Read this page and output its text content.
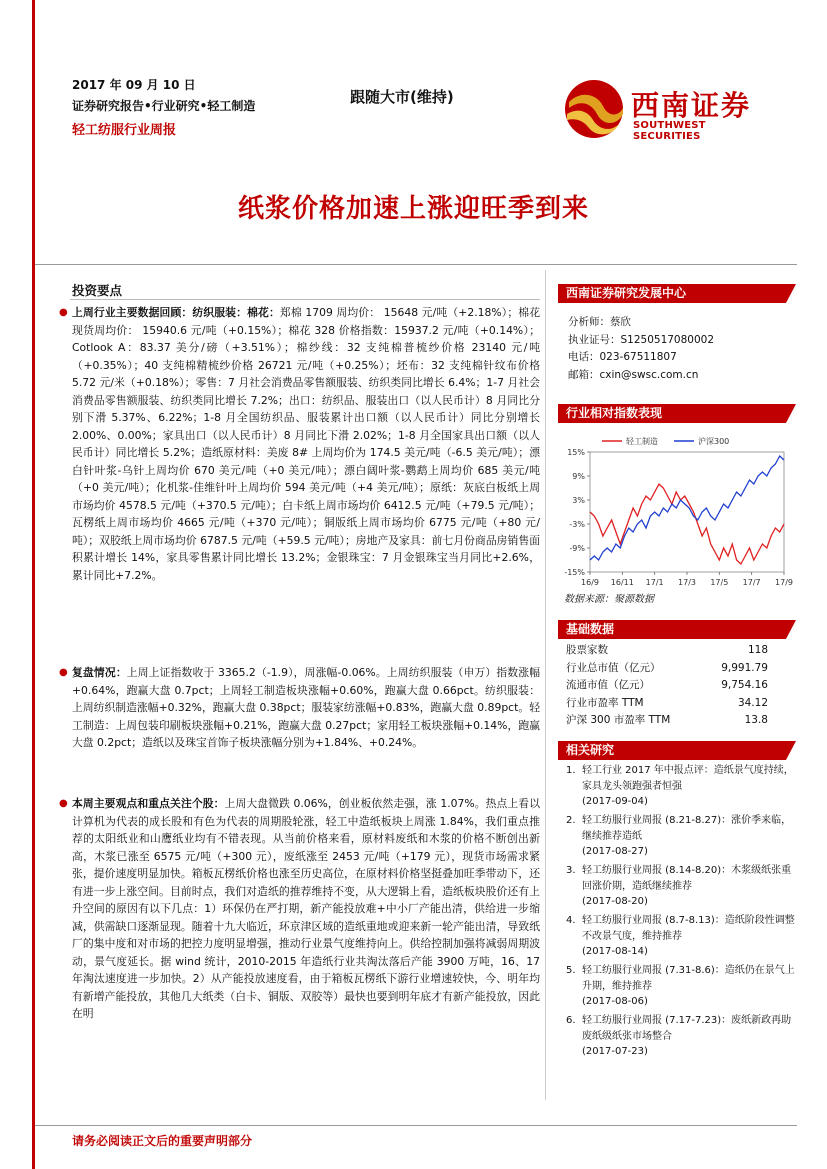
2017 年 09 月 10 日
证券研究报告•行业研究•轻工制造
轻工纺服行业周报
跟随大市(维持)	西南证券
SOUTHWEST SECURITIES
纸浆价格加速上涨迎旺季到来
投资要点
● 上周行业主要数据回顾：纺织服装：棉花：郑棉 1709 周均价： 15648 元/吨（+2.18%）；棉花现货周均价： 15940.6 元/吨（+0.15%）；棉花 328 价格指数：15937.2 元/吨（+0.14%）；Cotlook A：83.37 美分/磅（+3.51%）；棉纱线：32 支纯棉普梳纱价格 23140 元/吨（+0.35%）；40 支纯棉精梳纱价格 26721 元/吨（+0.25%）；坯布：32 支纯棉针纹布价格 5.72 元/米（+0.18%）；零售：7 月社会消费品零售额服装、纺织类同比增长 6.4%；1-7 月社会消费品零售额服装、纺织类同比增长 7.2%；出口：纺织品、服装出口（以人民币计）8 月同比分别下滑 5.37%、6.22%；1-8 月全国纺织品、服装累计出口额（以人民币计）同比分别增长 2.00%、0.00%；家具出口（以人民币计）8 月同比下滑 2.02%；1-8 月全国家具出口额（以人民币计）同比增长 5.2%；造纸原材料：美废 8# 上周均价为 174.5 美元/吨（-6.5 美元/吨）；漂白针叶浆-乌针上周均价 670 美元/吨（+0 美元/吨）；漂白阔叶浆-鹦鹉上周均价 685 美元/吨（+0 美元/吨）；化机浆-佳维针叶上周均价 594 美元/吨（+4 美元/吨）；原纸：灰底白板纸上周市场均价 4578.5 元/吨（+370.5 元/吨）；白卡纸上周市场均价 6412.5 元/吨（+79.5 元/吨）；瓦楞纸上周市场均价 4665 元/吨（+370 元/吨）；铜版纸上周市场均价 6775 元/吨（+80 元/吨）；双胶纸上周市场均价 6787.5 元/吨（+59.5 元/吨）；房地产及家具：前七月份商品房销售面积累计增长 14%，家具零售累计同比增长 13.2%；金银珠宝：7 月金银珠宝当月同比+2.6%，累计同比+7.2%。
● 复盘情况：上周上证指数收于 3365.2（-1.9），周涨幅-0.06%。上周纺织服装（申万）指数涨幅+0.64%，跑赢大盘 0.7pct；上周轻工制造板块涨幅+0.60%，跑赢大盘 0.66pct。纺织服装：上周纺织制造涨幅+0.32%，跑赢大盘 0.38pct；服装家纺涨幅+0.83%，跑赢大盘 0.89pct。轻工制造：上周包装印刷板块涨幅+0.21%，跑赢大盘 0.27pct；家用轻工板块涨幅+0.14%，跑赢大盘 0.2pct；造纸以及珠宝首饰子板块涨幅分别为+1.84%、+0.24%。
● 本周主要观点和重点关注个股：上周大盘微跌 0.06%，创业板依然走强，涨 1.07%。热点上看以计算机为代表的成长股和有色为代表的周期股轮涨，轻工中造纸板块上周涨 1.84%，我们重点推荐的太阳纸业和山鹰纸业均有不错表现。从当前价格来看，原材料废纸和木浆的价格不断创出新高，木浆已涨至 6575 元/吨（+300 元），废纸涨至 2453 元/吨（+179 元），现货市场需求紧张，提价速度明显加快。箱板瓦楞纸价格也涨至历史高位，在原材料价格坚挺叠加旺季带动下，还有进一步上涨空间。目前时点，我们对造纸的推荐维持不变，从大逻辑上看，造纸板块股价还有上升空间的原因有以下几点：1）环保仍在严打期，新产能投放难+中小厂产能出清，供给进一步缩减，供需缺口逐渐显现。随着十九大临近，环京津区域的造纸重地或迎来新一轮产能出清，导致纸厂的集中度和对市场的把控力度明显增强，推动行业景气度维持向上。供给控制加强将减弱周期波动，景气度延长。据 wind 统计，2010-2015 年造纸行业共淘汰落后产能 3900 万吨，16、17 年淘汰速度进一步加快。2）从产能投放速度看，由于箱板瓦楞纸下游行业增速较快，今、明年均有新增产能投放，其他几大纸类（白卡、铜版、双胶等）最快也要到明年底才有新产能投放，因此在明
西南证券研究发展中心
分析师：蔡欣
执业证号：S1250517080002
电话：023-67511807
邮箱：cxin@swsc.com.cn
行业相对指数表现
15%
9%
3%
-3%
-9%
-15%
16/9 16/11 17/1 17/3 17/5 17/7 17/9
轻工制造	沪深300
数据来源：聚源数据
基础数据
股票家数	118
行业总市值（亿元）	9,991.79
流通市值（亿元）	9,754.16
行业市盈率 TTM	34.12
沪深 300 市盈率 TTM	13.8
相关研究
1. 轻工行业 2017 年中报点评：造纸景气度持续，家具龙头领跑强者恒强
(2017-09-04)
2. 轻工纺服行业周报 (8.21-8.27)：涨价季来临，继续推荐造纸
(2017-08-27)
3. 轻工纺服行业周报 (8.14-8.20)：木浆级纸张重回涨价期，造纸继续推荐
(2017-08-20)
4. 轻工纺服行业周报 (8.7-8.13)：造纸阶段性调整不改景气度，维持推荐
(2017-08-14)
5. 轻工纺服行业周报 (7.31-8.6)：造纸仍在景气上升期，维持推荐
(2017-08-06)
6. 轻工纺服行业周报 (7.17-7.23)：废纸新政再助废纸级纸张市场整合
(2017-07-23)
请务必阅读正文后的重要声明部分
